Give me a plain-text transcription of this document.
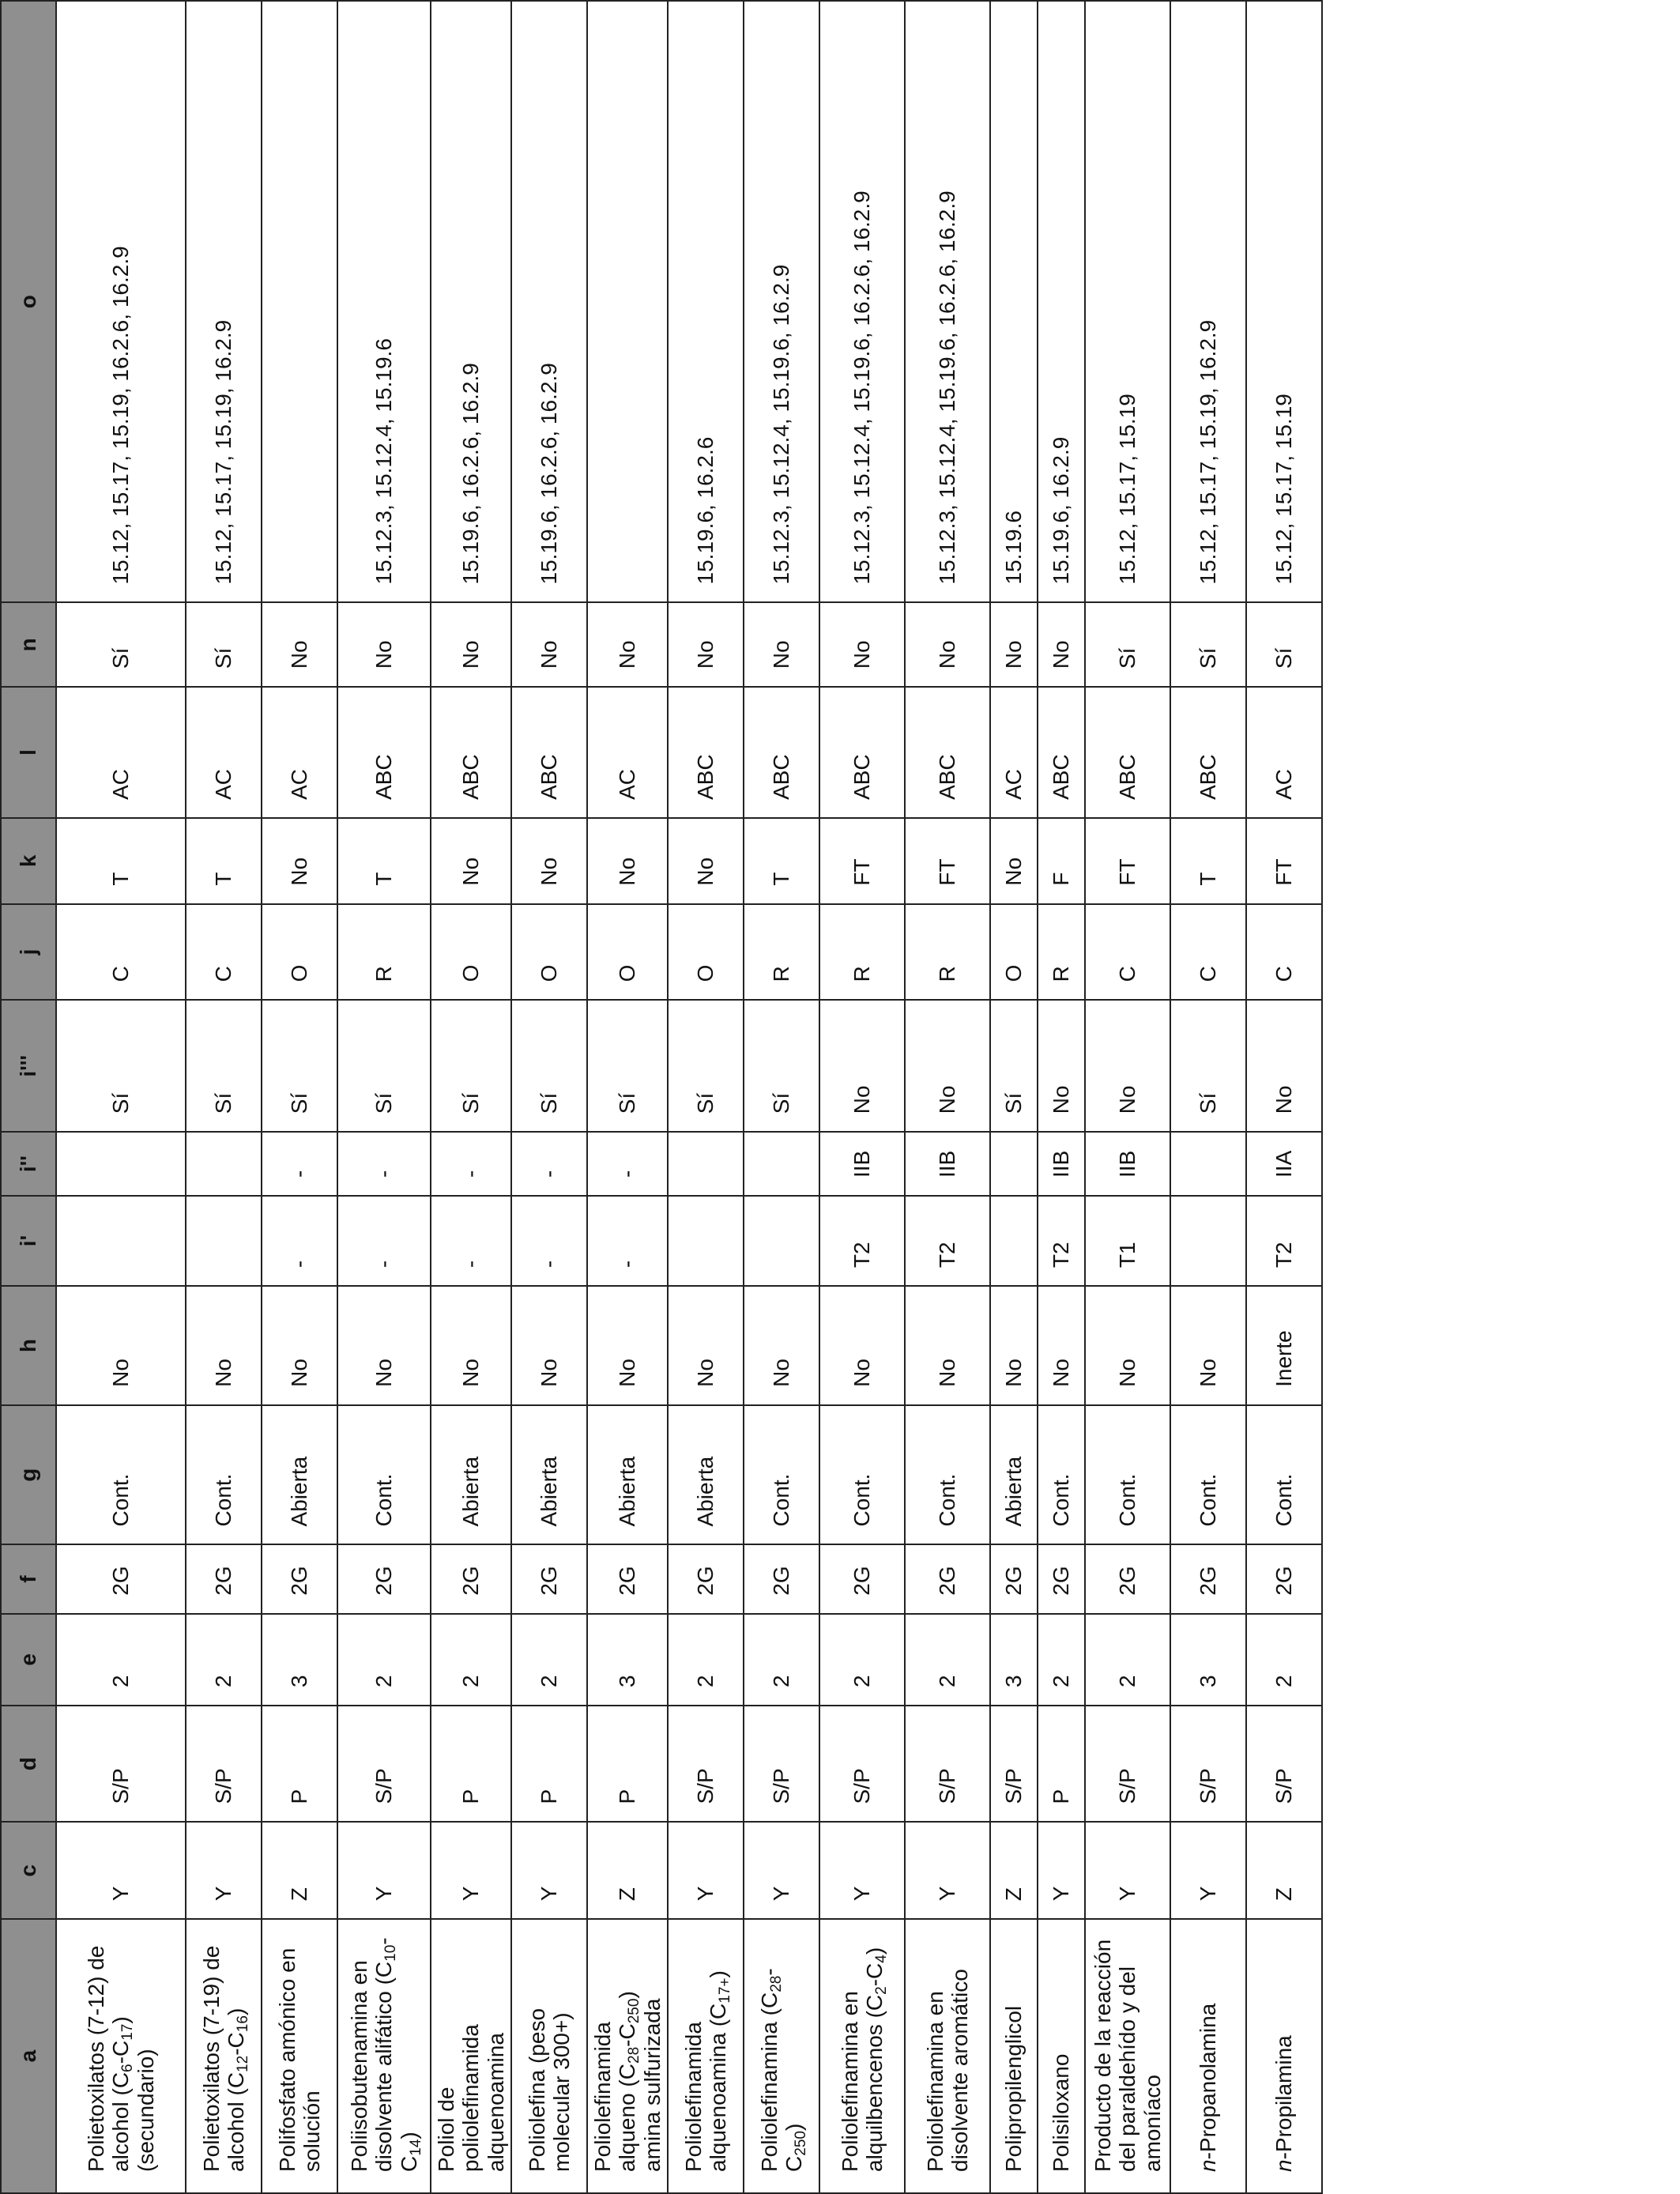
a	c	d	e	f	g	h	i'	i''	i'''	j	k	l	n	o
Polietoxilatos (7-12) de alcohol $(C_6-C_{17})$ (secundario)	Y	S/P	2	2G	Cont.	No			Sí	C	T	AC	Sí	15.12, 15.17, 15.19, 16.2.6, 16.2.9
Polietoxilatos (7-19) de alcohol $(C_{12}-C_{16})$	Y	S/P	2	2G	Cont.	No			Sí	C	T	AC	Sí	15.12, 15.17, 15.19, 16.2.9
Polifosfato amónico en solución	Z	P	3	2G	Abierta	No	-	-	Sí	O	No	AC	No	
Poliisobutenamina en disolvente alifático $(C_{10}-C_{14})$	Y	S/P	2	2G	Cont.	No	-	-	Sí	R	T	ABC	No	15.12.3, 15.12.4, 15.19.6
Poliol de poliolefinamida alquenoamina	Y	P	2	2G	Abierta	No	-	-	Sí	O	No	ABC	No	15.19.6, 16.2.6, 16.2.9
Poliolefina (peso molecular 300+)	Y	P	2	2G	Abierta	No	-	-	Sí	O	No	ABC	No	15.19.6, 16.2.6, 16.2.9
Poliolefinamida alqueno $(C_{28}-C_{250})$ amina sulfurizada	Z	P	3	2G	Abierta	No	-	-	Sí	O	No	AC	No	
Poliolefinamida alquenoamina $(C_{17+})$	Y	S/P	2	2G	Abierta	No			Sí	O	No	ABC	No	15.19.6, 16.2.6
Poliolefinamina $(C_{28}-C_{250})$	Y	S/P	2	2G	Cont.	No			Sí	R	T	ABC	No	15.12.3, 15.12.4, 15.19.6, 16.2.9
Poliolefinamina en alquilbencenos $(C_2-C_4)$	Y	S/P	2	2G	Cont.	No	T2	IIB	No	R	FT	ABC	No	15.12.3, 15.12.4, 15.19.6, 16.2.6, 16.2.9
Poliolefinamina en disolvente aromático	Y	S/P	2	2G	Cont.	No	T2	IIB	No	R	FT	ABC	No	15.12.3, 15.12.4, 15.19.6, 16.2.6, 16.2.9
Polipropilenglicol	Z	S/P	3	2G	Abierta	No			Sí	O	No	AC	No	15.19.6
Polisiloxano	Y	P	2	2G	Cont.	No	T2	IIB	No	R	F	ABC	No	15.19.6, 16.2.9
Producto de la reacción del paraldehído y del amoníaco	Y	S/P	2	2G	Cont.	No	T1	IIB	No	C	FT	ABC	Sí	15.12, 15.17, 15.19
n-Propanolamina	Y	S/P	3	2G	Cont.	No			Sí	C	T	ABC	Sí	15.12, 15.17, 15.19, 16.2.9
n-Propilamina	Z	S/P	2	2G	Cont.	Inerte	T2	IIA	No	C	FT	AC	Sí	15.12, 15.17, 15.19
